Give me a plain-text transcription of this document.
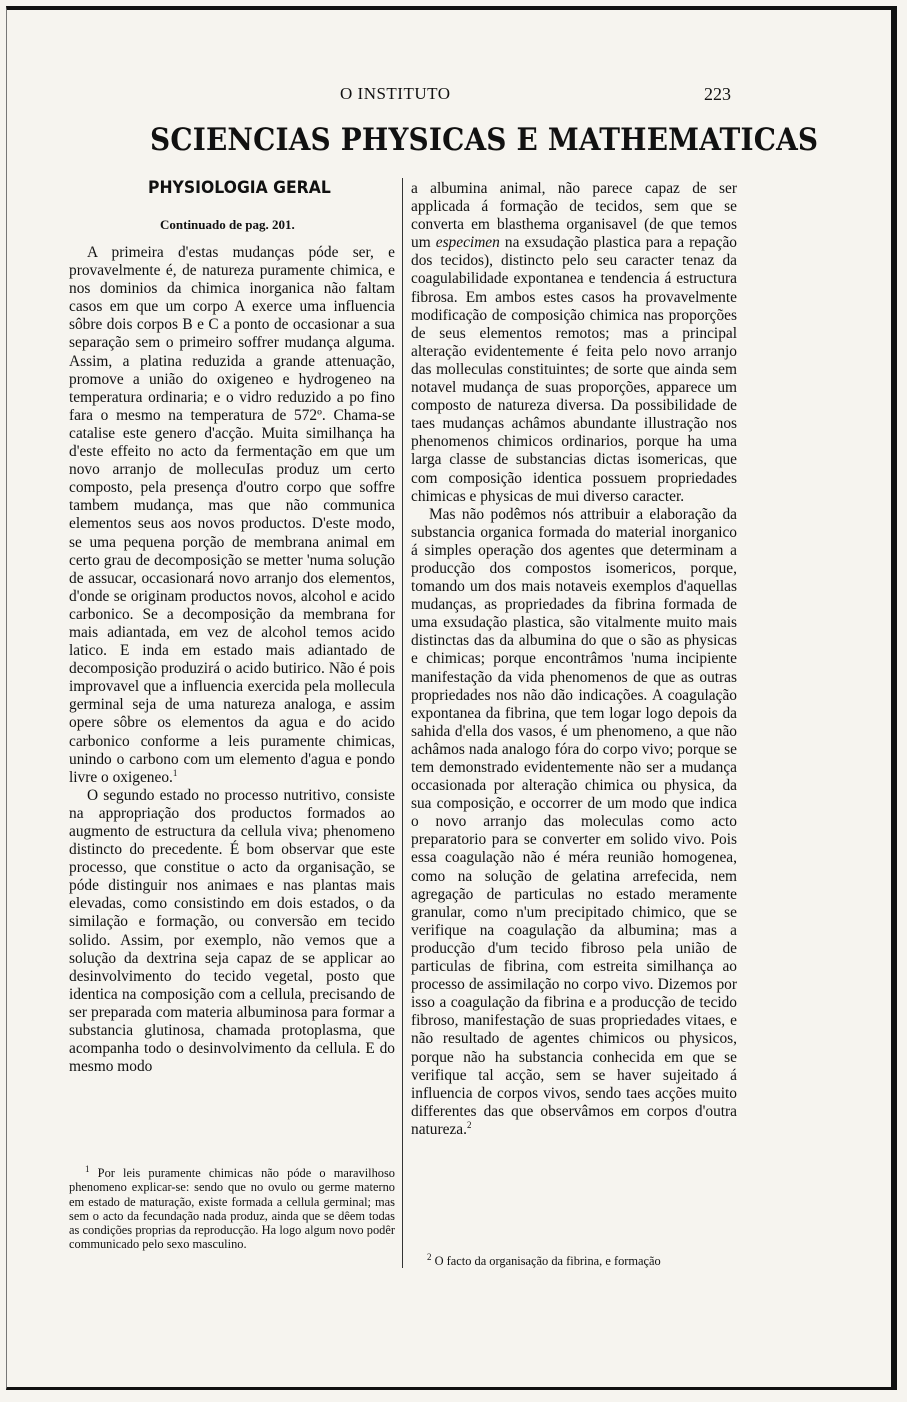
O INSTITUTO	223
SCIENCIAS PHYSICAS E MATHEMATICAS
PHYSIOLOGIA GERAL
Continuado de pag. 201.

A primeira d'estas mudanças póde ser, e provavelmente é, de natureza puramente chimica, e nos dominios da chimica inorganica não faltam casos em que um corpo A exerce uma influencia sôbre dois corpos B e C a ponto de occasionar a sua separação sem o primeiro soffrer mudança alguma. Assim, a platina reduzida a grande attenuação, promove a união do oxigeneo e hydrogeneo na temperatura ordinaria; e o vidro reduzido a po fino fara o mesmo na temperatura de 572º. Chama-se catalise este genero d'acção. Muita similhança ha d'este effeito no acto da fermentação em que um novo arranjo de mollecuIas produz um certo composto, pela presença d'outro corpo que soffre tambem mudança, mas que não communica elementos seus aos novos productos. D'este modo, se uma pequena porção de membrana animal em certo grau de decomposição se metter 'numa solução de assucar, occasionará novo arranjo dos elementos, d'onde se originam productos novos, alcohol e acido carbonico. Se a decomposição da membrana for mais adiantada, em vez de alcohol temos acido latico. E inda em estado mais adiantado de decomposição produzirá o acido butirico. Não é pois improvavel que a influencia exercida pela mollecula germinal seja de uma natureza analoga, e assim opere sôbre os elementos da agua e do acido carbonico conforme a leis puramente chimicas, unindo o carbono com um elemento d'agua e pondo livre o oxigeneo.$^1$

O segundo estado no processo nutritivo, consiste na appropriação dos productos formados ao augmento de estructura da cellula viva; phenomeno distincto do precedente. É bom observar que este processo, que constitue o acto da organisação, se póde distinguir nos animaes e nas plantas mais elevadas, como consistindo em dois estados, o da similação e formação, ou conversão em tecido solido. Assim, por exemplo, não vemos que a solução da dextrina seja capaz de se applicar ao desinvolvimento do tecido vegetal, posto que identica na composição com a cellula, precisando de ser preparada com materia albuminosa para formar a substancia glutinosa, chamada protoplasma, que acompanha todo o desinvolvimento da cellula. E do mesmo modo

$^1$ Por leis puramente chimicas não póde o maravilhoso phenomeno explicar-se: sendo que no ovulo ou germe materno em estado de maturação, existe formada a cellula germinal; mas sem o acto da fecundação nada produz, ainda que se dêem todas as condições proprias da reproducção. Ha logo algum novo podêr communicado pelo sexo masculino.

a albumina animal, não parece capaz de ser applicada á formação de tecidos, sem que se converta em blasthema organisavel (de que temos um especimen na exsudação plastica para a repação dos tecidos), distincto pelo seu caracter tenaz da coagulabilidade expontanea e tendencia á estructura fibrosa. Em ambos estes casos ha provavelmente modificação de composição chimica nas proporções de seus elementos remotos; mas a principal alteração evidentemente é feita pelo novo arranjo das molleculas constituintes; de sorte que ainda sem notavel mudança de suas proporções, apparece um composto de natureza diversa. Da possibilidade de taes mudanças achâmos abundante illustração nos phenomenos chimicos ordinarios, porque ha uma larga classe de substancias dictas isomericas, que com composição identica possuem propriedades chimicas e physicas de mui diverso caracter.

Mas não podêmos nós attribuir a elaboração da substancia organica formada do material inorganico á simples operação dos agentes que determinam a producção dos compostos isomericos, porque, tomando um dos mais notaveis exemplos d'aquellas mudanças, as propriedades da fibrina formada de uma exsudação plastica, são vitalmente muito mais distinctas das da albumina do que o são as physicas e chimicas; porque encontrâmos 'numa incipiente manifestação da vida phenomenos de que as outras propriedades nos não dão indicações. A coagulação expontanea da fibrina, que tem logar logo depois da sahida d'ella dos vasos, é um phenomeno, a que não achâmos nada analogo fóra do corpo vivo; porque se tem demonstrado evidentemente não ser a mudança occasionada por alteração chimica ou physica, da sua composição, e occorrer de um modo que indica o novo arranjo das moleculas como acto preparatorio para se converter em solido vivo. Pois essa coagulação não é méra reunião homogenea, como na solução de gelatina arrefecida, nem agregação de particulas no estado meramente granular, como n'um precipitado chimico, que se verifique na coagulação da albumina; mas a producção d'um tecido fibroso pela união de particulas de fibrina, com estreita similhança ao processo de assimilação no corpo vivo. Dizemos por isso a coagulação da fibrina e a producção de tecido fibroso, manifestação de suas propriedades vitaes, e não resultado de agentes chimicos ou physicos, porque não ha substancia conhecida em que se verifique tal acção, sem se haver sujeitado á influencia de corpos vivos, sendo taes acções muito differentes das que observâmos em corpos d'outra natureza.$^2$

$^2$ O facto da organisação da fibrina, e formação
